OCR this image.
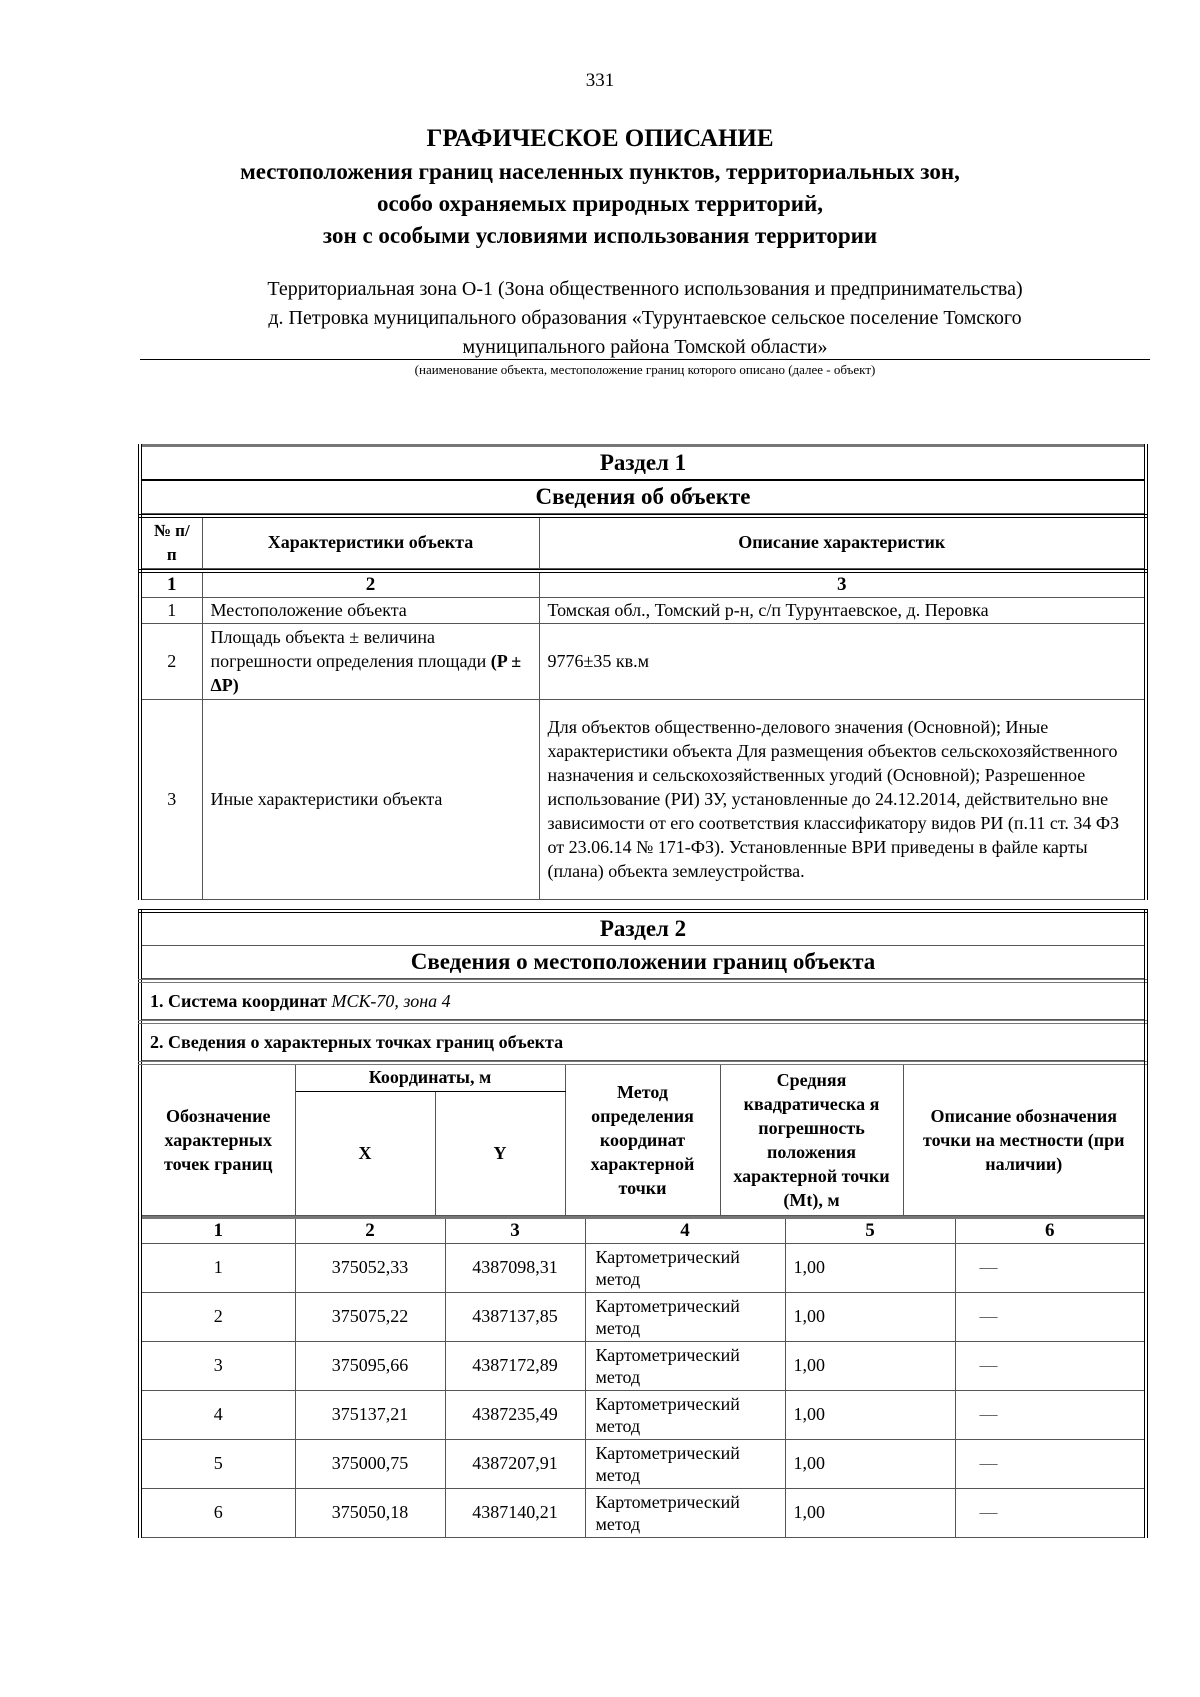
331
ГРАФИЧЕСКОЕ ОПИСАНИЕ
местоположения границ населенных пунктов, территориальных зон,
особо охраняемых природных территорий,
зон с особыми условиями использования территории
Территориальная зона О-1 (Зона общественного использования и предпринимательства)
д. Петровка муниципального образования «Турунтаевское сельское поселение Томского
муниципального района Томской области»
(наименование объекта, местоположение границ которого описано (далее - объект)
Раздел 1
Сведения об объекте
№ п/п	Характеристики объекта	Описание характеристик
1	2	3
1	Местоположение объекта	Томская обл., Томский р-н, с/п Турунтаевское, д. Перовка
2	Площадь объекта ± величина погрешности определения площади (P ± ΔP)	9776±35 кв.м
3	Иные характеристики объекта	Для объектов общественно-делового значения (Основной); Иные характеристики объекта Для размещения объектов сельскохозяйственного назначения и сельскохозяйственных угодий (Основной); Разрешенное использование (РИ) ЗУ, установленные до 24.12.2014, действительно вне зависимости от его соответствия классификатору видов РИ (п.11 ст. 34 ФЗ от 23.06.14 № 171-ФЗ). Установленные ВРИ приведены в файле карты (плана) объекта землеустройства.
Раздел 2
Сведения о местоположении границ объекта
1. Система координат МСК-70, зона 4
2. Сведения о характерных точках границ объекта
Обозначение характерных точек границ	Координаты, м		Метод определения координат характерной точки	Средняя квадратическа я погрешность положения характерной точки (Mt), м	Описание обозначения точки на местности (при наличии)
	X	Y			
1	2	3	4	5	6
1	375052,33	4387098,31	Картометрический метод	1,00	—
2	375075,22	4387137,85	Картометрический метод	1,00	—
3	375095,66	4387172,89	Картометрический метод	1,00	—
4	375137,21	4387235,49	Картометрический метод	1,00	—
5	375000,75	4387207,91	Картометрический метод	1,00	—
6	375050,18	4387140,21	Картометрический метод	1,00	—
